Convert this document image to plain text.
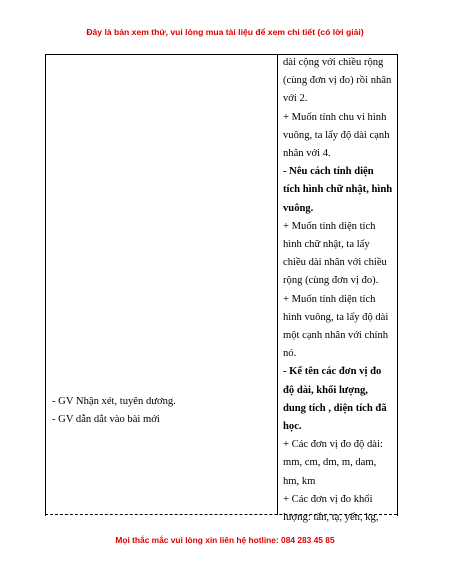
Đây là bản xem thử, vui lòng mua tài liệu để xem chi tiết (có lời giải)
- GV Nhận xét, tuyên dương.
- GV dẫn dắt vào bài mới
dài cộng với chiều rộng
(cùng đơn vị đo) rồi nhân
với 2.
+ Muốn tính chu vi hình
vuông, ta lấy độ dài cạnh
nhân với 4.
- Nêu cách tính diện
tích hình chữ nhật, hình
vuông.
+ Muốn tính diện tích
hình chữ nhật, ta lấy
chiều dài nhân với chiều
rộng (cùng đơn vị đo).
+ Muốn tính diện tích
hình vuông, ta lấy độ dài
một cạnh nhân với chính
nó.
- Kể tên các đơn vị đo
độ dài, khối lượng,
dung tích , diện tích đã
học.
+ Các đơn vị đo độ dài:
mm, cm, dm, m, dam,
hm, km
+ Các đơn vị đo khối
lượng: tấn, tạ, yến, kg,
Mọi thắc mắc vui lòng xin liên hệ hotline: 084 283 45 85
